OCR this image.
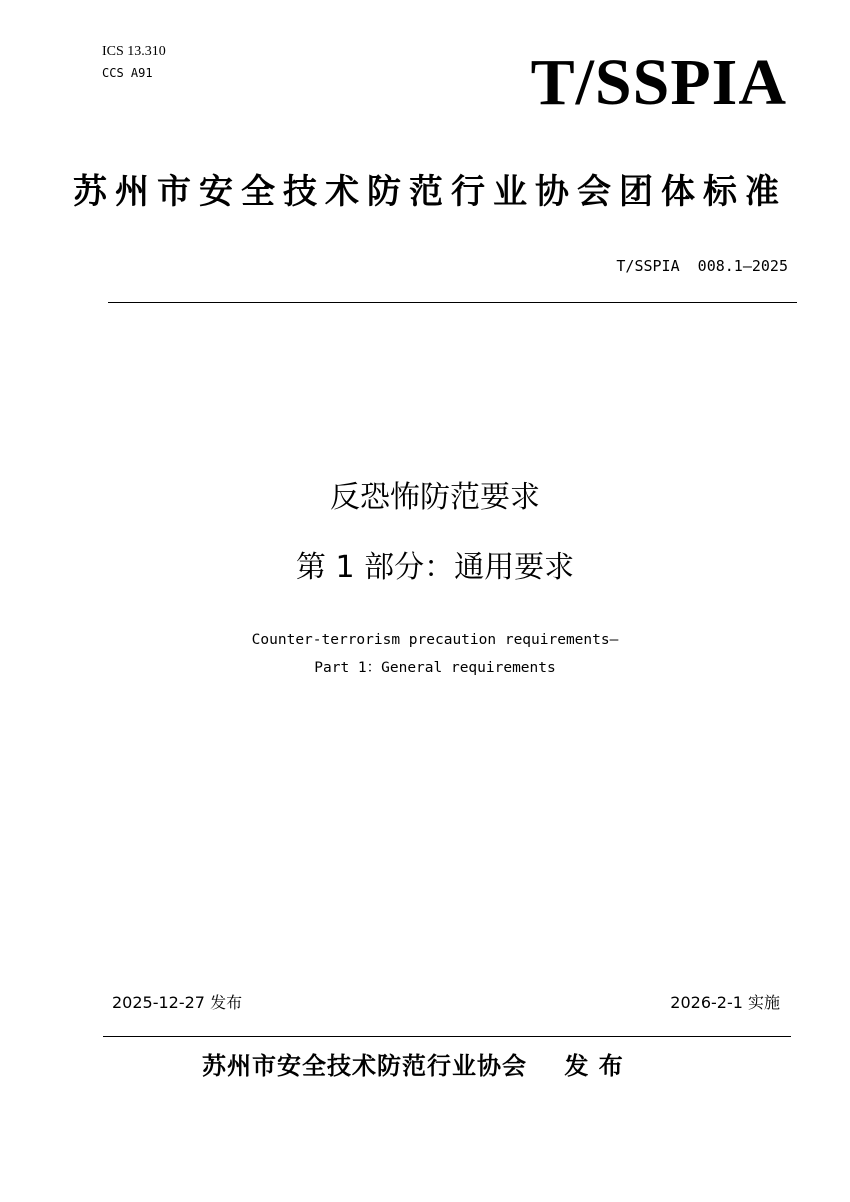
ICS 13.310
CCS A91	T/SSPIA
苏州市安全技术防范行业协会团体标准
T/SSPIA  008.1—2025
反恐怖防范要求
第 1 部分：通用要求
Counter-terrorism precaution requirements—
Part 1：General requirements
2025-12-27 发布	2026-2-1 实施
苏州市安全技术防范行业协会    发 布
